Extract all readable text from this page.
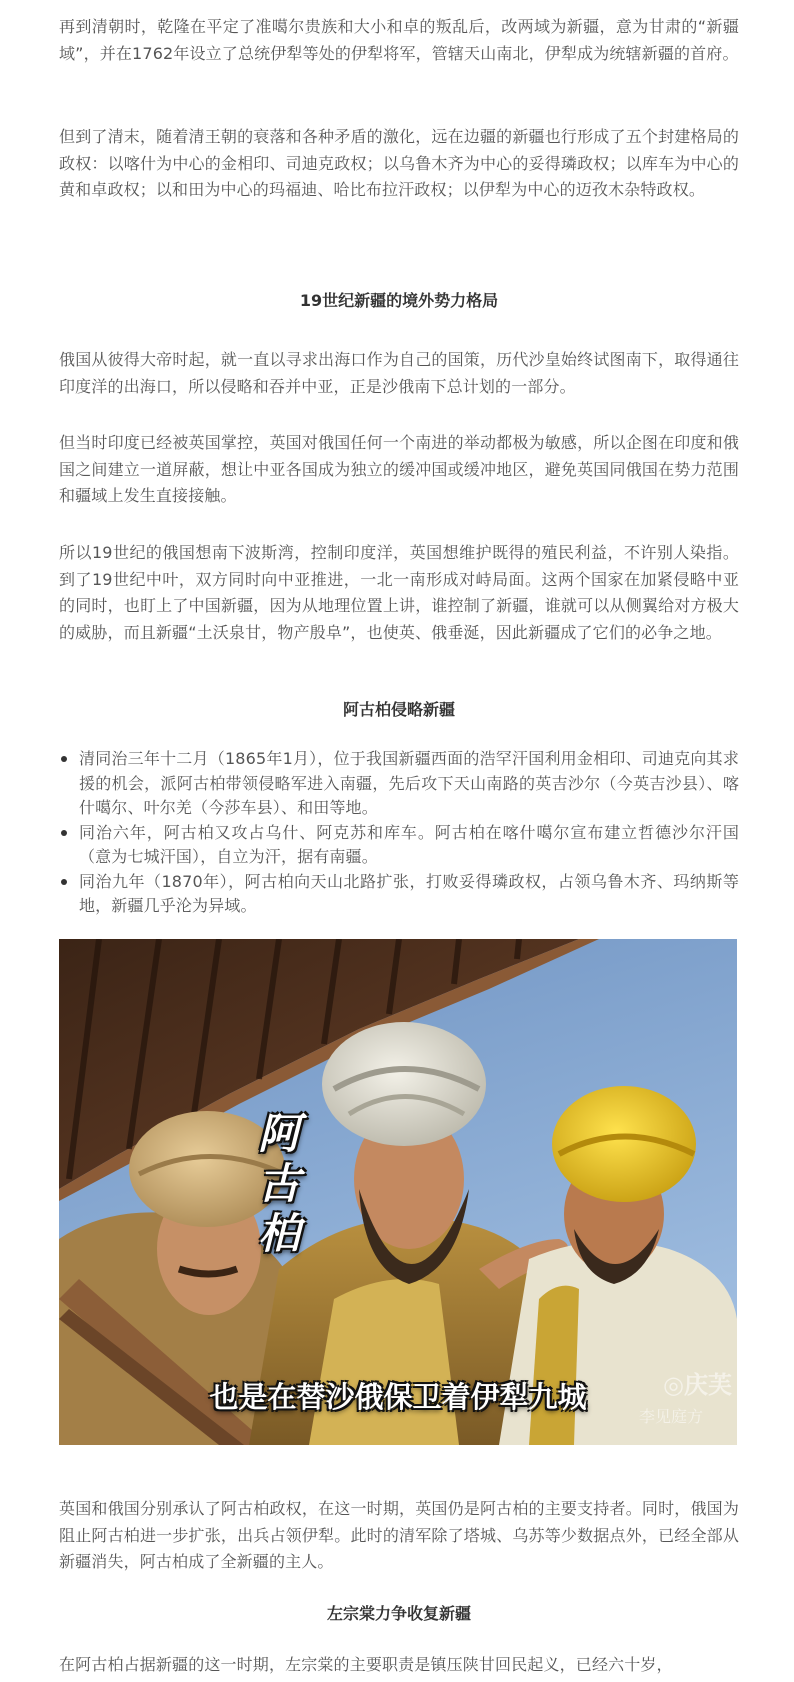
再到清朝时，乾隆在平定了准噶尔贵族和大小和卓的叛乱后，改两域为新疆，意为甘肃的“新疆域”，并在1762年设立了总统伊犁等处的伊犁将军，管辖天山南北，伊犁成为统辖新疆的首府。

但到了清末，随着清王朝的衰落和各种矛盾的激化，远在边疆的新疆也行形成了五个封建格局的政权：以喀什为中心的金相印、司迪克政权；以乌鲁木齐为中心的妥得璘政权；以库车为中心的黄和卓政权；以和田为中心的玛福迪、哈比布拉汗政权；以伊犁为中心的迈孜木杂特政权。

19世纪新疆的境外势力格局

俄国从彼得大帝时起，就一直以寻求出海口作为自己的国策，历代沙皇始终试图南下，取得通往印度洋的出海口，所以侵略和吞并中亚，正是沙俄南下总计划的一部分。

但当时印度已经被英国掌控，英国对俄国任何一个南进的举动都极为敏感，所以企图在印度和俄国之间建立一道屏蔽，想让中亚各国成为独立的缓冲国或缓冲地区，避免英国同俄国在势力范围和疆域上发生直接接触。

所以19世纪的俄国想南下波斯湾，控制印度洋，英国想维护既得的殖民利益，不许别人染指。到了19世纪中叶，双方同时向中亚推进，一北一南形成对峙局面。这两个国家在加紧侵略中亚的同时，也盯上了中国新疆，因为从地理位置上讲，谁控制了新疆，谁就可以从侧翼给对方极大的威胁，而且新疆“土沃泉甘，物产殷阜”，也使英、俄垂涎，因此新疆成了它们的必争之地。

阿古柏侵略新疆
清同治三年十二月（1865年1月），位于我国新疆西面的浩罕汗国利用金相印、司迪克向其求援的机会，派阿古柏带领侵略军进入南疆，先后攻下天山南路的英吉沙尔（今英吉沙县）、喀什噶尔、叶尔羌（今莎车县）、和田等地。
同治六年，阿古柏又攻占乌什、阿克苏和库车。阿古柏在喀什噶尔宣布建立哲德沙尔汗国（意为七城汗国），自立为汗，据有南疆。
同治九年（1870年），阿古柏向天山北路扩张，打败妥得璘政权，占领乌鲁木齐、玛纳斯等地，新疆几乎沦为异域。
阿古柏
也是在替沙俄保卫着伊犁九城	◎庆芙
李见庭方

英国和俄国分别承认了阿古柏政权，在这一时期，英国仍是阿古柏的主要支持者。同时，俄国为阻止阿古柏进一步扩张，出兵占领伊犁。此时的清军除了塔城、乌苏等少数据点外，已经全部从新疆消失，阿古柏成了全新疆的主人。

左宗棠力争收复新疆

在阿古柏占据新疆的这一时期，左宗棠的主要职责是镇压陕甘回民起义，已经六十岁，
